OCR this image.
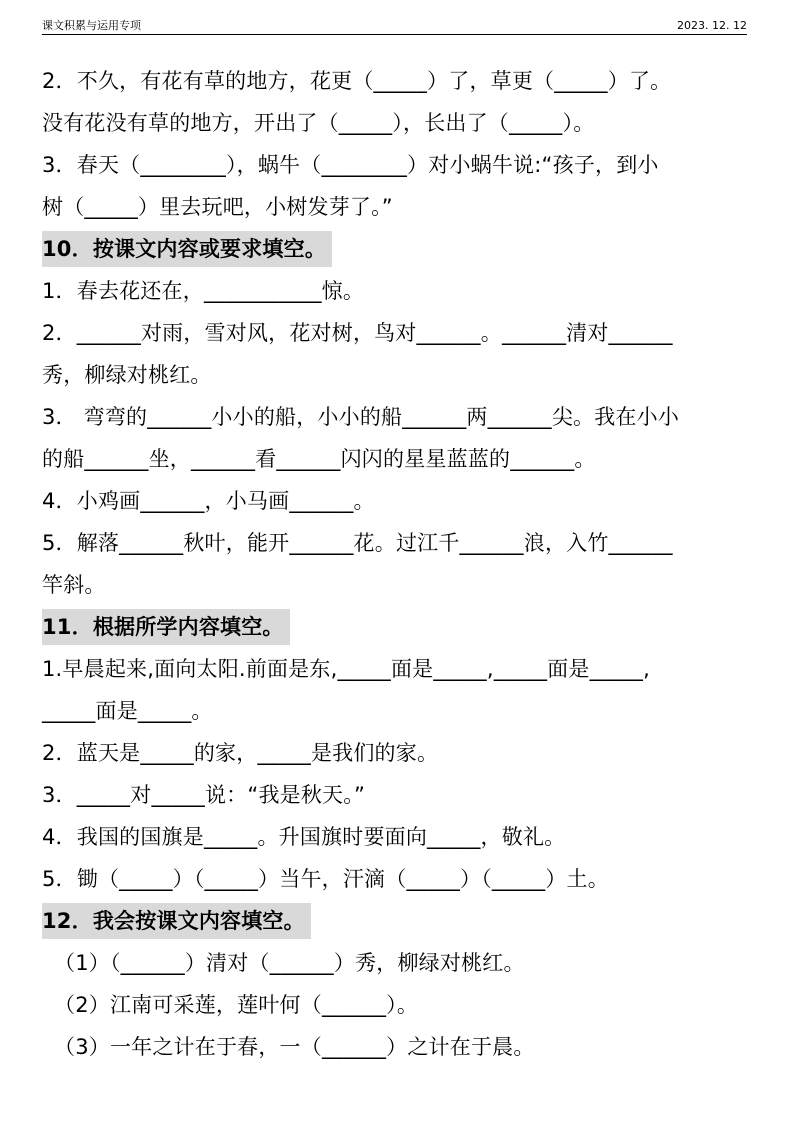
课文积累与运用专项	2023. 12. 12
2．不久，有花有草的地方，花更（_____）了，草更（_____）了。
没有花没有草的地方，开出了（_____），长出了（_____）。
3．春天（________），蜗牛（________）对小蜗牛说:“孩子，到小
树（_____）里去玩吧，小树发芽了。”
10．按课文内容或要求填空。
1．春去花还在，___________惊。
2．______对雨，雪对风，花对树，鸟对______。______清对______
秀，柳绿对桃红。
3． 弯弯的______小小的船，小小的船______两______尖。我在小小
的船______坐，______看______闪闪的星星蓝蓝的______。
4．小鸡画______，小马画______。
5．解落______秋叶，能开______花。过江千______浪，入竹______
竿斜。
11．根据所学内容填空。
1.早晨起来,面向太阳.前面是东,_____面是_____,_____面是_____,
_____面是_____。
2．蓝天是_____的家，_____是我们的家。
3．_____对_____说：“我是秋天。”
4．我国的国旗是_____。升国旗时要面向_____，敬礼。
5．锄（_____）（_____）当午，汗滴（_____）（_____）土。
12．我会按课文内容填空。
（1）（______）清对（______）秀，柳绿对桃红。
（2）江南可采莲，莲叶何（______）。
（3）一年之计在于春，一（______）之计在于晨。
